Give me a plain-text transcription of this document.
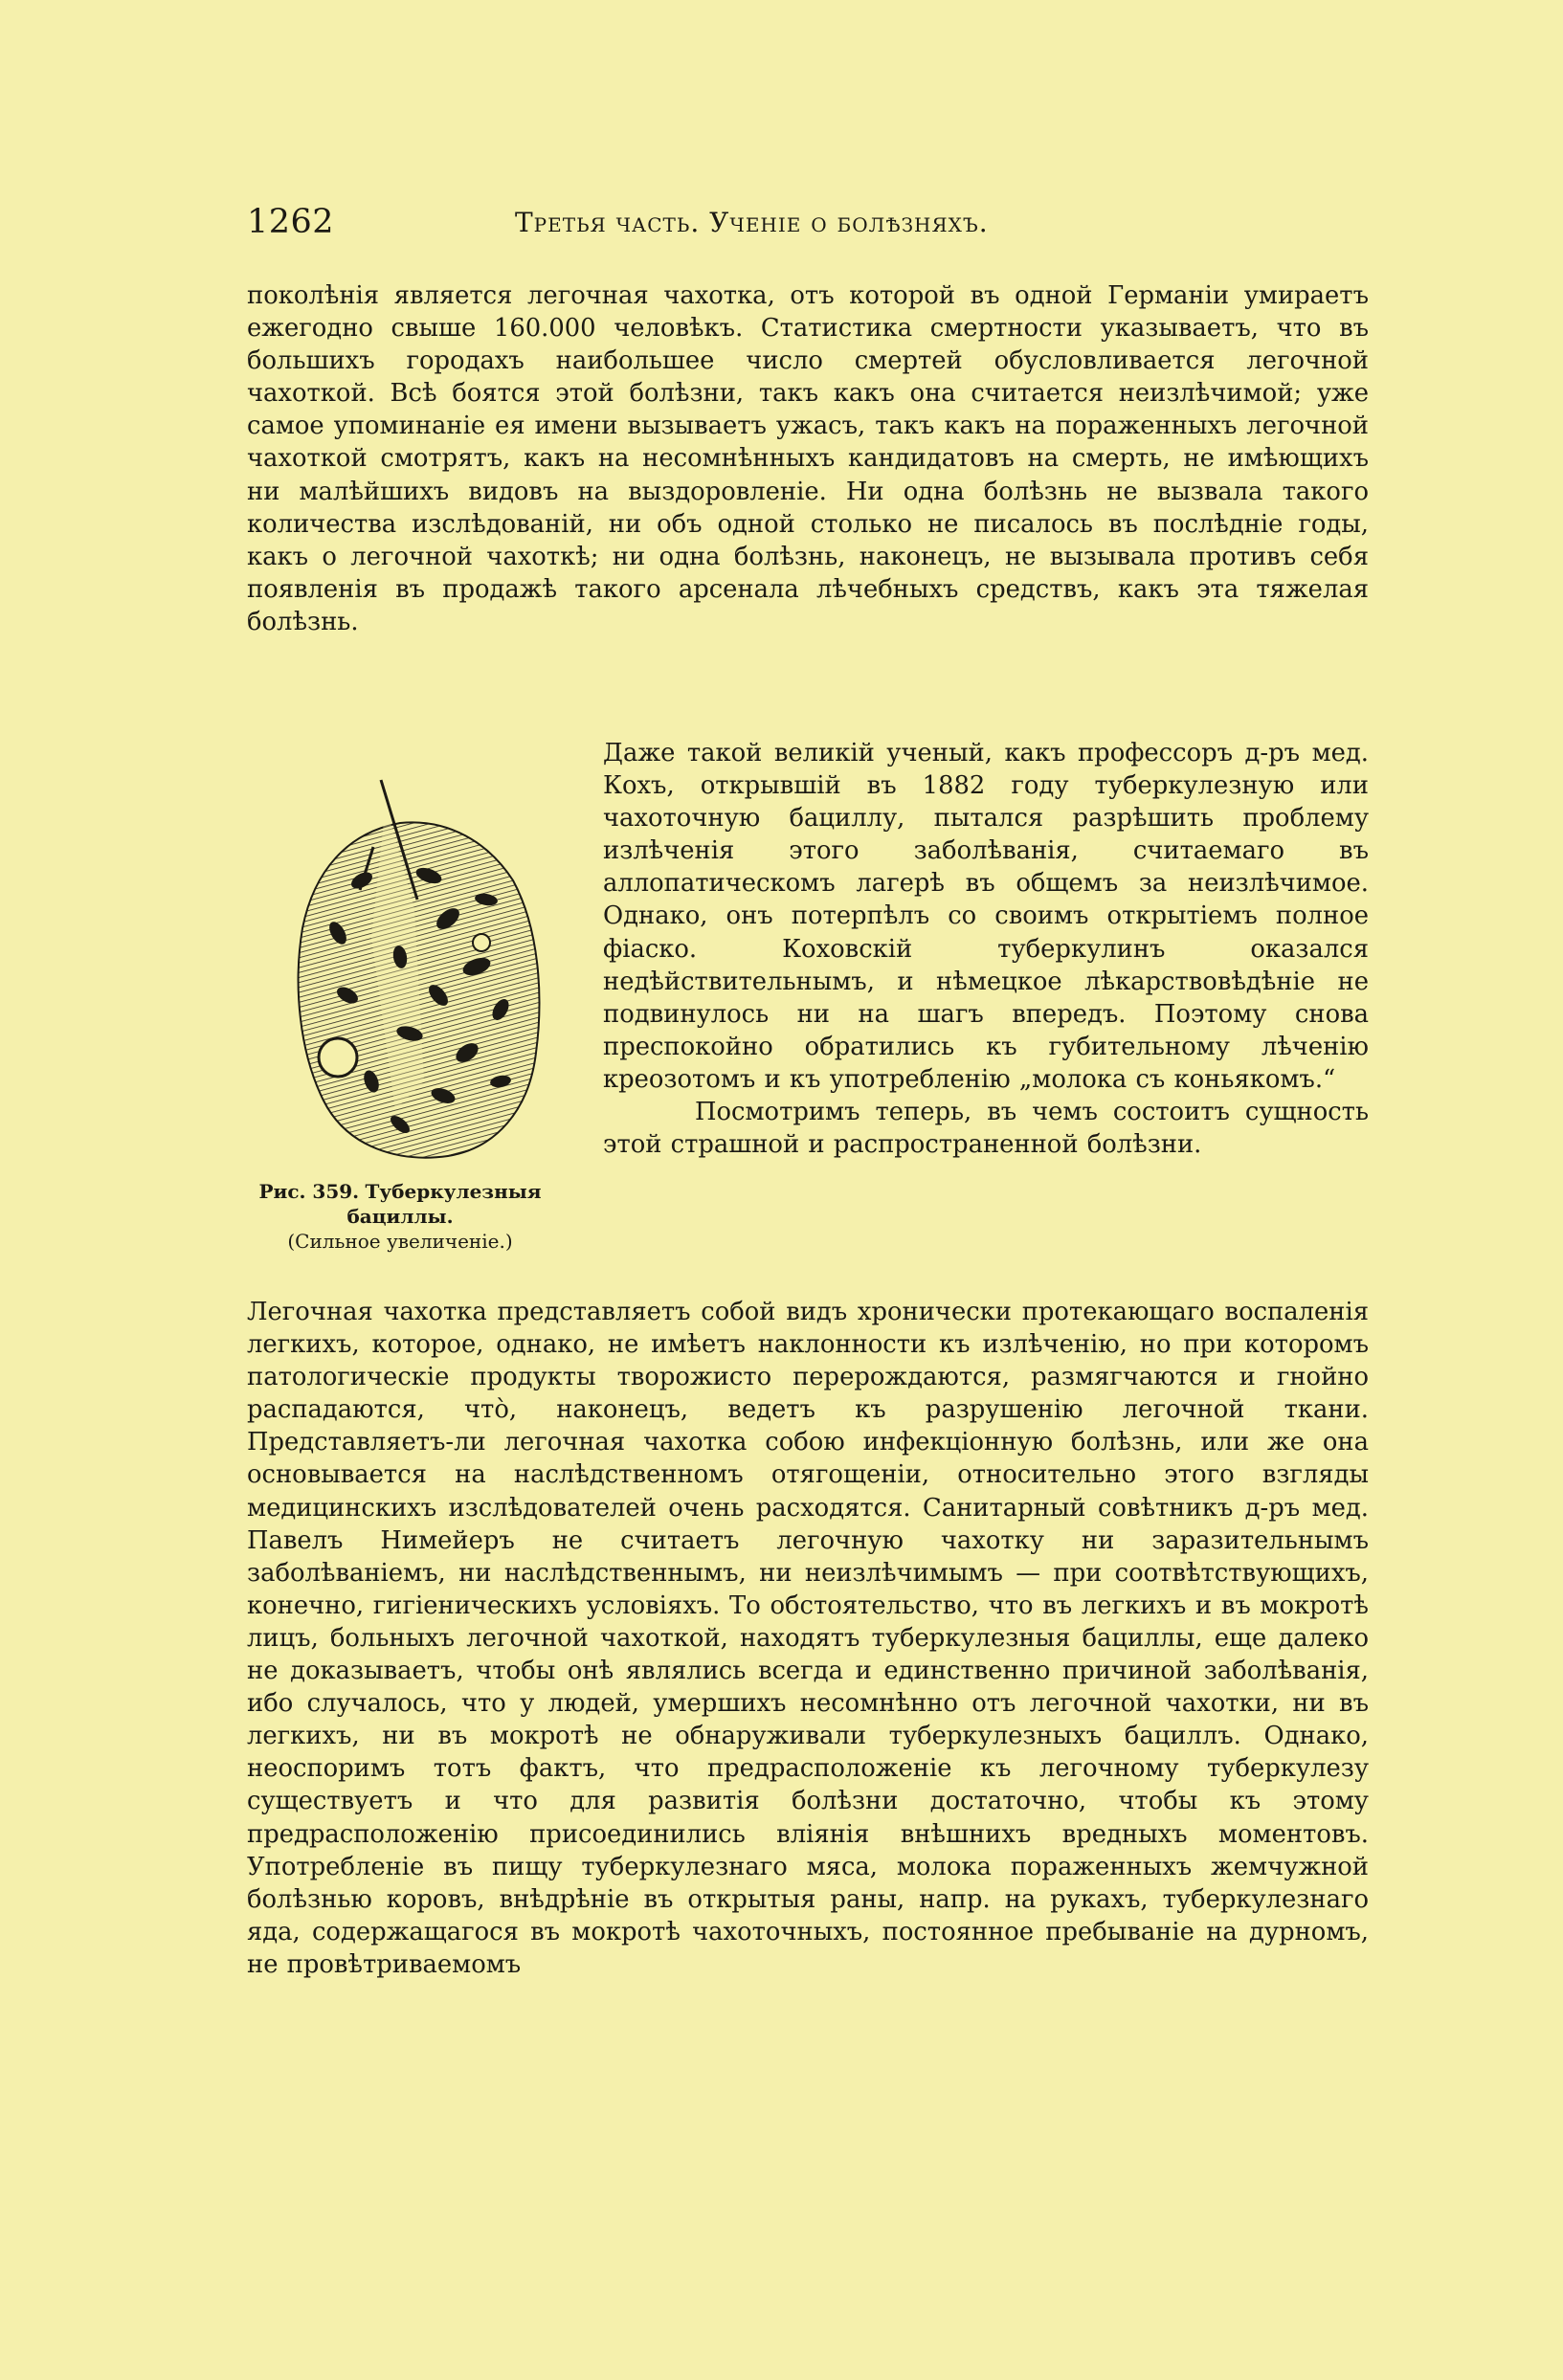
1262	Третья часть. Ученiе о болѣзняхъ.

поколѣнiя является легочная чахотка, отъ которой въ одной Германiи умираетъ ежегодно свыше 160.000 человѣкъ. Статистика смертности указываетъ, что въ большихъ городахъ наибольшее число смертей обусловливается легочной чахоткой. Всѣ боятся этой болѣзни, такъ какъ она считается неизлѣчимой; уже самое упоминанiе ея имени вызываетъ ужасъ, такъ какъ на пораженныхъ легочной чахоткой смотрятъ, какъ на несомнѣнныхъ кандидатовъ на смерть, не имѣющихъ ни малѣйшихъ видовъ на выздоровленiе. Ни одна болѣзнь не вызвала такого количества изслѣдованiй, ни объ одной столько не писалось въ послѣднiе годы, какъ о легочной чахоткѣ; ни одна болѣзнь, наконецъ, не вызывала противъ себя появленiя въ продажѣ такого арсенала лѣчебныхъ средствъ, какъ эта тяжелая болѣзнь.

Рис. 359. Туберкулезныя бациллы.
(Сильное увеличенiе.)

Даже такой великiй ученый, какъ профессоръ д-ръ мед. Кохъ, открывшiй въ 1882 году туберкулезную или чахоточную бациллу, пытался разрѣшить проблему излѣченiя этого заболѣванiя, считаемаго въ аллопатическомъ лагерѣ въ общемъ за неизлѣчимое. Однако, онъ потерпѣлъ со своимъ открытiемъ полное фiаско. Коховскiй туберкулинъ оказался недѣйствительнымъ, и нѣмецкое лѣкарствовѣдѣнiе не подвинулось ни на шагъ впередъ. Поэтому снова преспокойно обратились къ губительному лѣченiю креозотомъ и къ употребленiю „молока съ коньякомъ.“

Посмотримъ теперь, въ чемъ состоитъ сущность этой страшной и распространенной болѣзни.

Легочная чахотка представляетъ собой видъ хронически протекающаго воспаленiя легкихъ, которое, однако, не имѣетъ наклонности къ излѣченiю, но при которомъ патологическiе продукты творожисто перерождаются, размягчаются и гнойно распадаются, что̀, наконецъ, ведетъ къ разрушенiю легочной ткани. Представляетъ-ли легочная чахотка собою инфекцiонную болѣзнь, или же она основывается на наслѣдственномъ отягощенiи, относительно этого взгляды медицинскихъ изслѣдователей очень расходятся. Санитарный совѣтникъ д-ръ мед. Павелъ Нимейеръ не считаетъ легочную чахотку ни заразительнымъ заболѣванiемъ, ни наслѣдственнымъ, ни неизлѣчимымъ — при соотвѣтствующихъ, конечно, гигiеническихъ условiяхъ. То обстоятельство, что въ легкихъ и въ мокротѣ лицъ, больныхъ легочной чахоткой, находятъ туберкулезныя бациллы, еще далеко не доказываетъ, чтобы онѣ являлись всегда и единственно причиной заболѣванiя, ибо случалось, что у людей, умершихъ несомнѣнно отъ легочной чахотки, ни въ легкихъ, ни въ мокротѣ не обнаруживали туберкулезныхъ бациллъ. Однако, неоспоримъ тотъ фактъ, что предрасположенiе къ легочному туберкулезу существуетъ и что для развитiя болѣзни достаточно, чтобы къ этому предрасположенiю присоединились влiянiя внѣшнихъ вредныхъ моментовъ. Употребленiе въ пищу туберкулезнаго мяса, молока пораженныхъ жемчужной болѣзнью коровъ, внѣдрѣнiе въ открытыя раны, напр. на рукахъ, туберкулезнаго яда, содержащагося въ мокротѣ чахоточныхъ, постоянное пребыванiе на дурномъ, не провѣтриваемомъ
